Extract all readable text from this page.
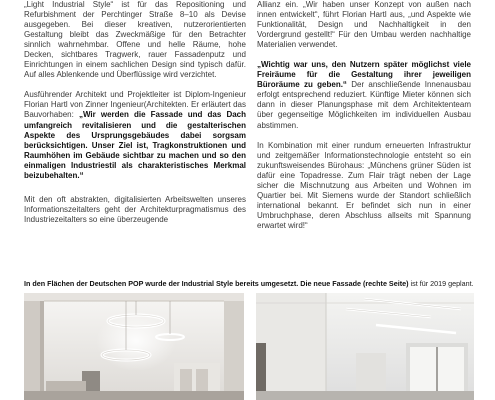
„Light Industrial Style“ ist für das Repositioning und Refurbishment der Perchtinger Straße 8–10 als Devise ausgegeben. Bei dieser kreativen, nutzerorientierten Gestaltung bleibt das Zweckmäßige für den Betrachter sinnlich wahrnehmbar. Offene und helle Räume, hohe Decken, sichtbares Tragwerk, rauer Fassadenputz und Einrichtungen in einem sachlichen Design sind typisch dafür. Auf alles Ablenkende und Überflüssige wird verzichtet.

Ausführender Architekt und Projektleiter ist Diplom-Ingenieur Florian Hartl von Zinner Ingenieur(Architekten. Er erläutert das Bauvorhaben: „Wir werden die Fassade und das Dach umfangreich revitalisieren und die gestalterischen Aspekte des Ursprungsgebäudes dabei sorgsam berücksichtigen. Unser Ziel ist, Tragkonstruktionen und Raumhöhen im Gebäude sichtbar zu machen und so den einmaligen Industriestil als charakteristisches Merkmal beizubehalten.“

Mit den oft abstrakten, digitalisierten Arbeitswelten unseres Informationszeitalters geht der Architekturpragmatismus des Industriezeitalters so eine überzeugende

Allianz ein. „Wir haben unser Konzept von außen nach innen entwickelt“, führt Florian Hartl aus, „und Aspekte wie Funktionalität, Design und Nachhaltigkeit in den Vordergrund gestellt!“ Für den Umbau werden nachhaltige Materialien verwendet.

„Wichtig war uns, den Nutzern später möglichst viele Freiräume für die Gestaltung ihrer jeweiligen Büroräume zu geben.“ Der anschließende Innenausbau erfolgt entsprechend reduziert. Künftige Mieter können sich dann in dieser Planungsphase mit dem Architektenteam über gegenseitige Möglichkeiten im individuellen Ausbau abstimmen.

In Kombination mit einer rundum erneuerten Infrastruktur und zeitgemäßer Informationstechnologie entsteht so ein zukunftsweisendes Bürohaus: „Münchens grüner Süden ist dafür eine Topadresse. Zum Flair trägt neben der Lage sicher die Mischnutzung aus Arbeiten und Wohnen im Quartier bei. Mit Siemens wurde der Standort schließlich international bekannt. Er befindet sich nun in einer Umbruchphase, deren Abschluss allseits mit Spannung erwartet wird!“

In den Flächen der Deutschen POP wurde der Industrial Style bereits umgesetzt. Die neue Fassade (rechte Seite) ist für 2019 geplant.
